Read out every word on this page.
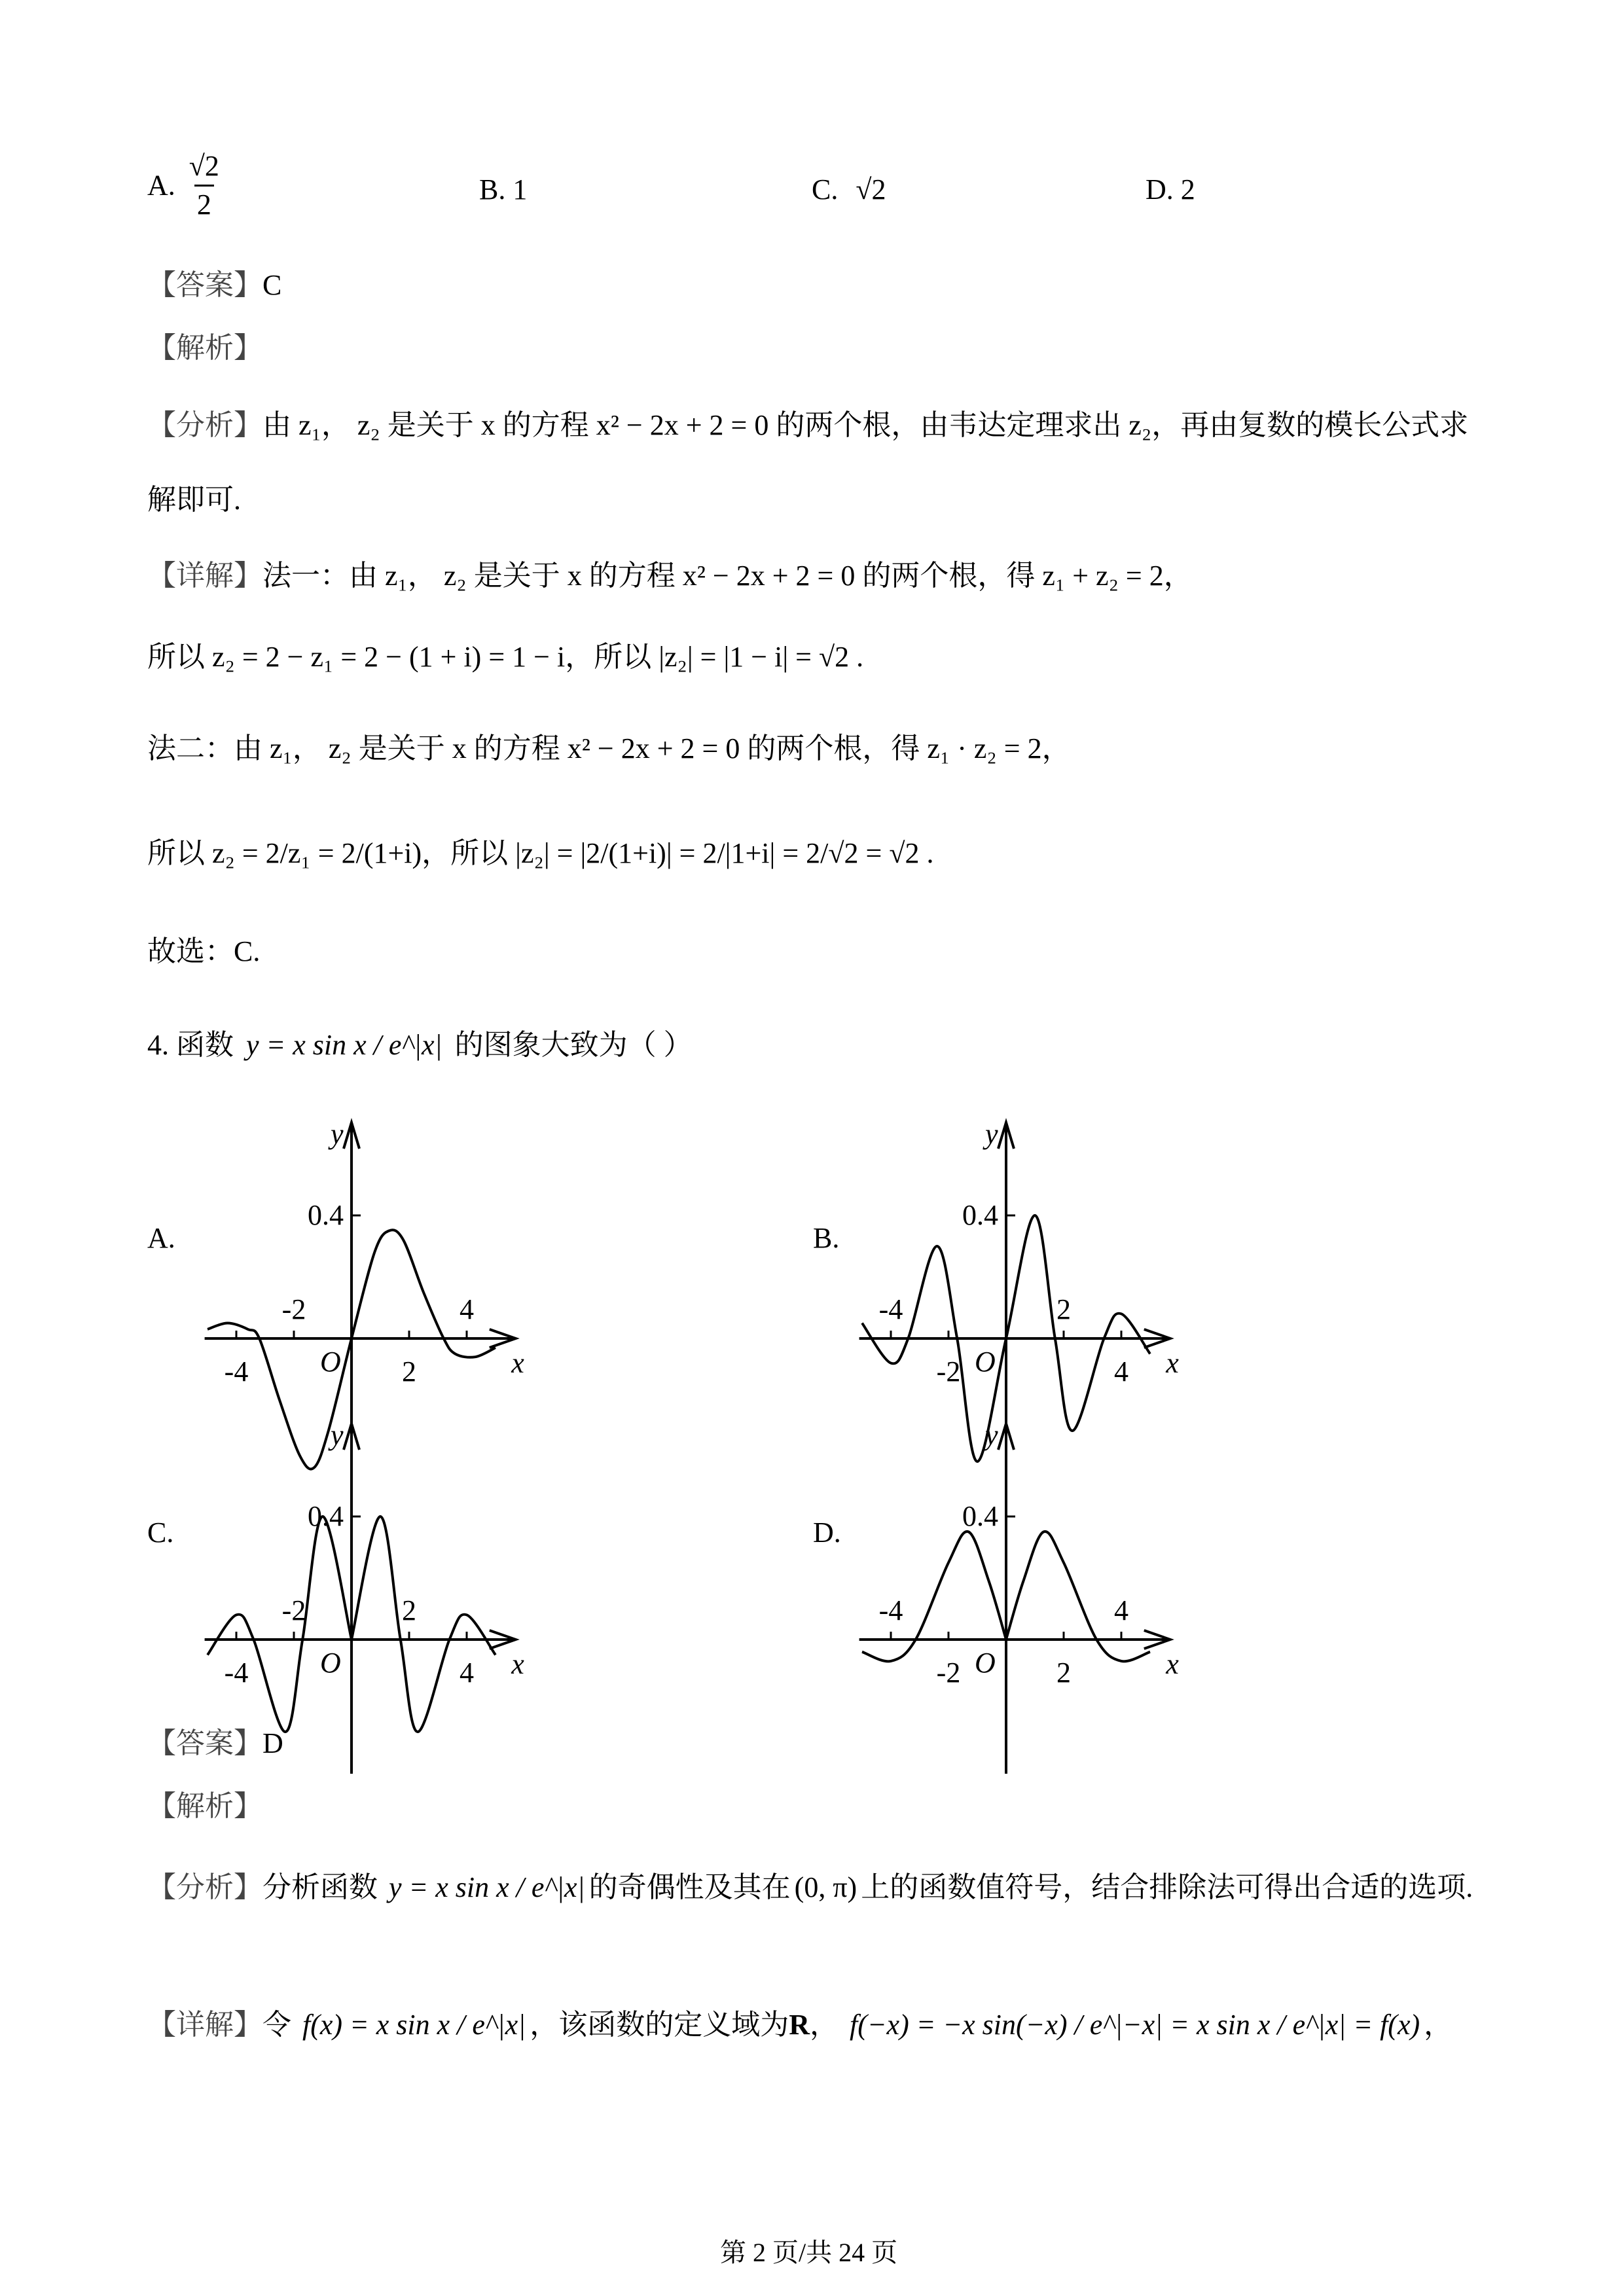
A. $\frac{√2}{2}$	B. 1	C. √2	D. 2
【答案】C
【解析】
【分析】由 z₁， z₂ 是关于 x 的方程 x² − 2x + 2 = 0 的两个根，由韦达定理求出 z₂，再由复数的模长公式求
解即可.
【详解】法一：由 z₁， z₂ 是关于 x 的方程 x² − 2x + 2 = 0 的两个根，得 z₁ + z₂ = 2，
所以 z₂ = 2 − z₁ = 2 − (1 + i) = 1 − i，所以 |z₂| = |1 − i| = √2 .
法二：由 z₁， z₂ 是关于 x 的方程 x² − 2x + 2 = 0 的两个根，得 z₁ · z₂ = 2，
所以 z₂ = 2/z₁ = 2/(1+i)，所以 |z₂| = |2/(1+i)| = 2/|1+i| = 2/√2 = √2 .
故选：C.
4. 函数 y = x sin x / e^|x| 的图象大致为（ ）
A.	B.
C.	D.
0.4
-4
-2
2
4
x
y
O
0.4
-4
-2
2
4 x
y
O
0.4
-4
-2	2
4 x
y
O
0.4
-4
-2	2
4
x
y
O
【答案】D
【解析】
【分析】分析函数 y = x sin x / e^|x| 的奇偶性及其在 (0, π) 上的函数值符号，结合排除法可得出合适的选项.
【详解】令 f(x) = x sin x / e^|x| ，该函数的定义域为R， f(−x) = −x sin(−x) / e^|−x| = x sin x / e^|x| = f(x) ，
第 2 页/共 24 页
